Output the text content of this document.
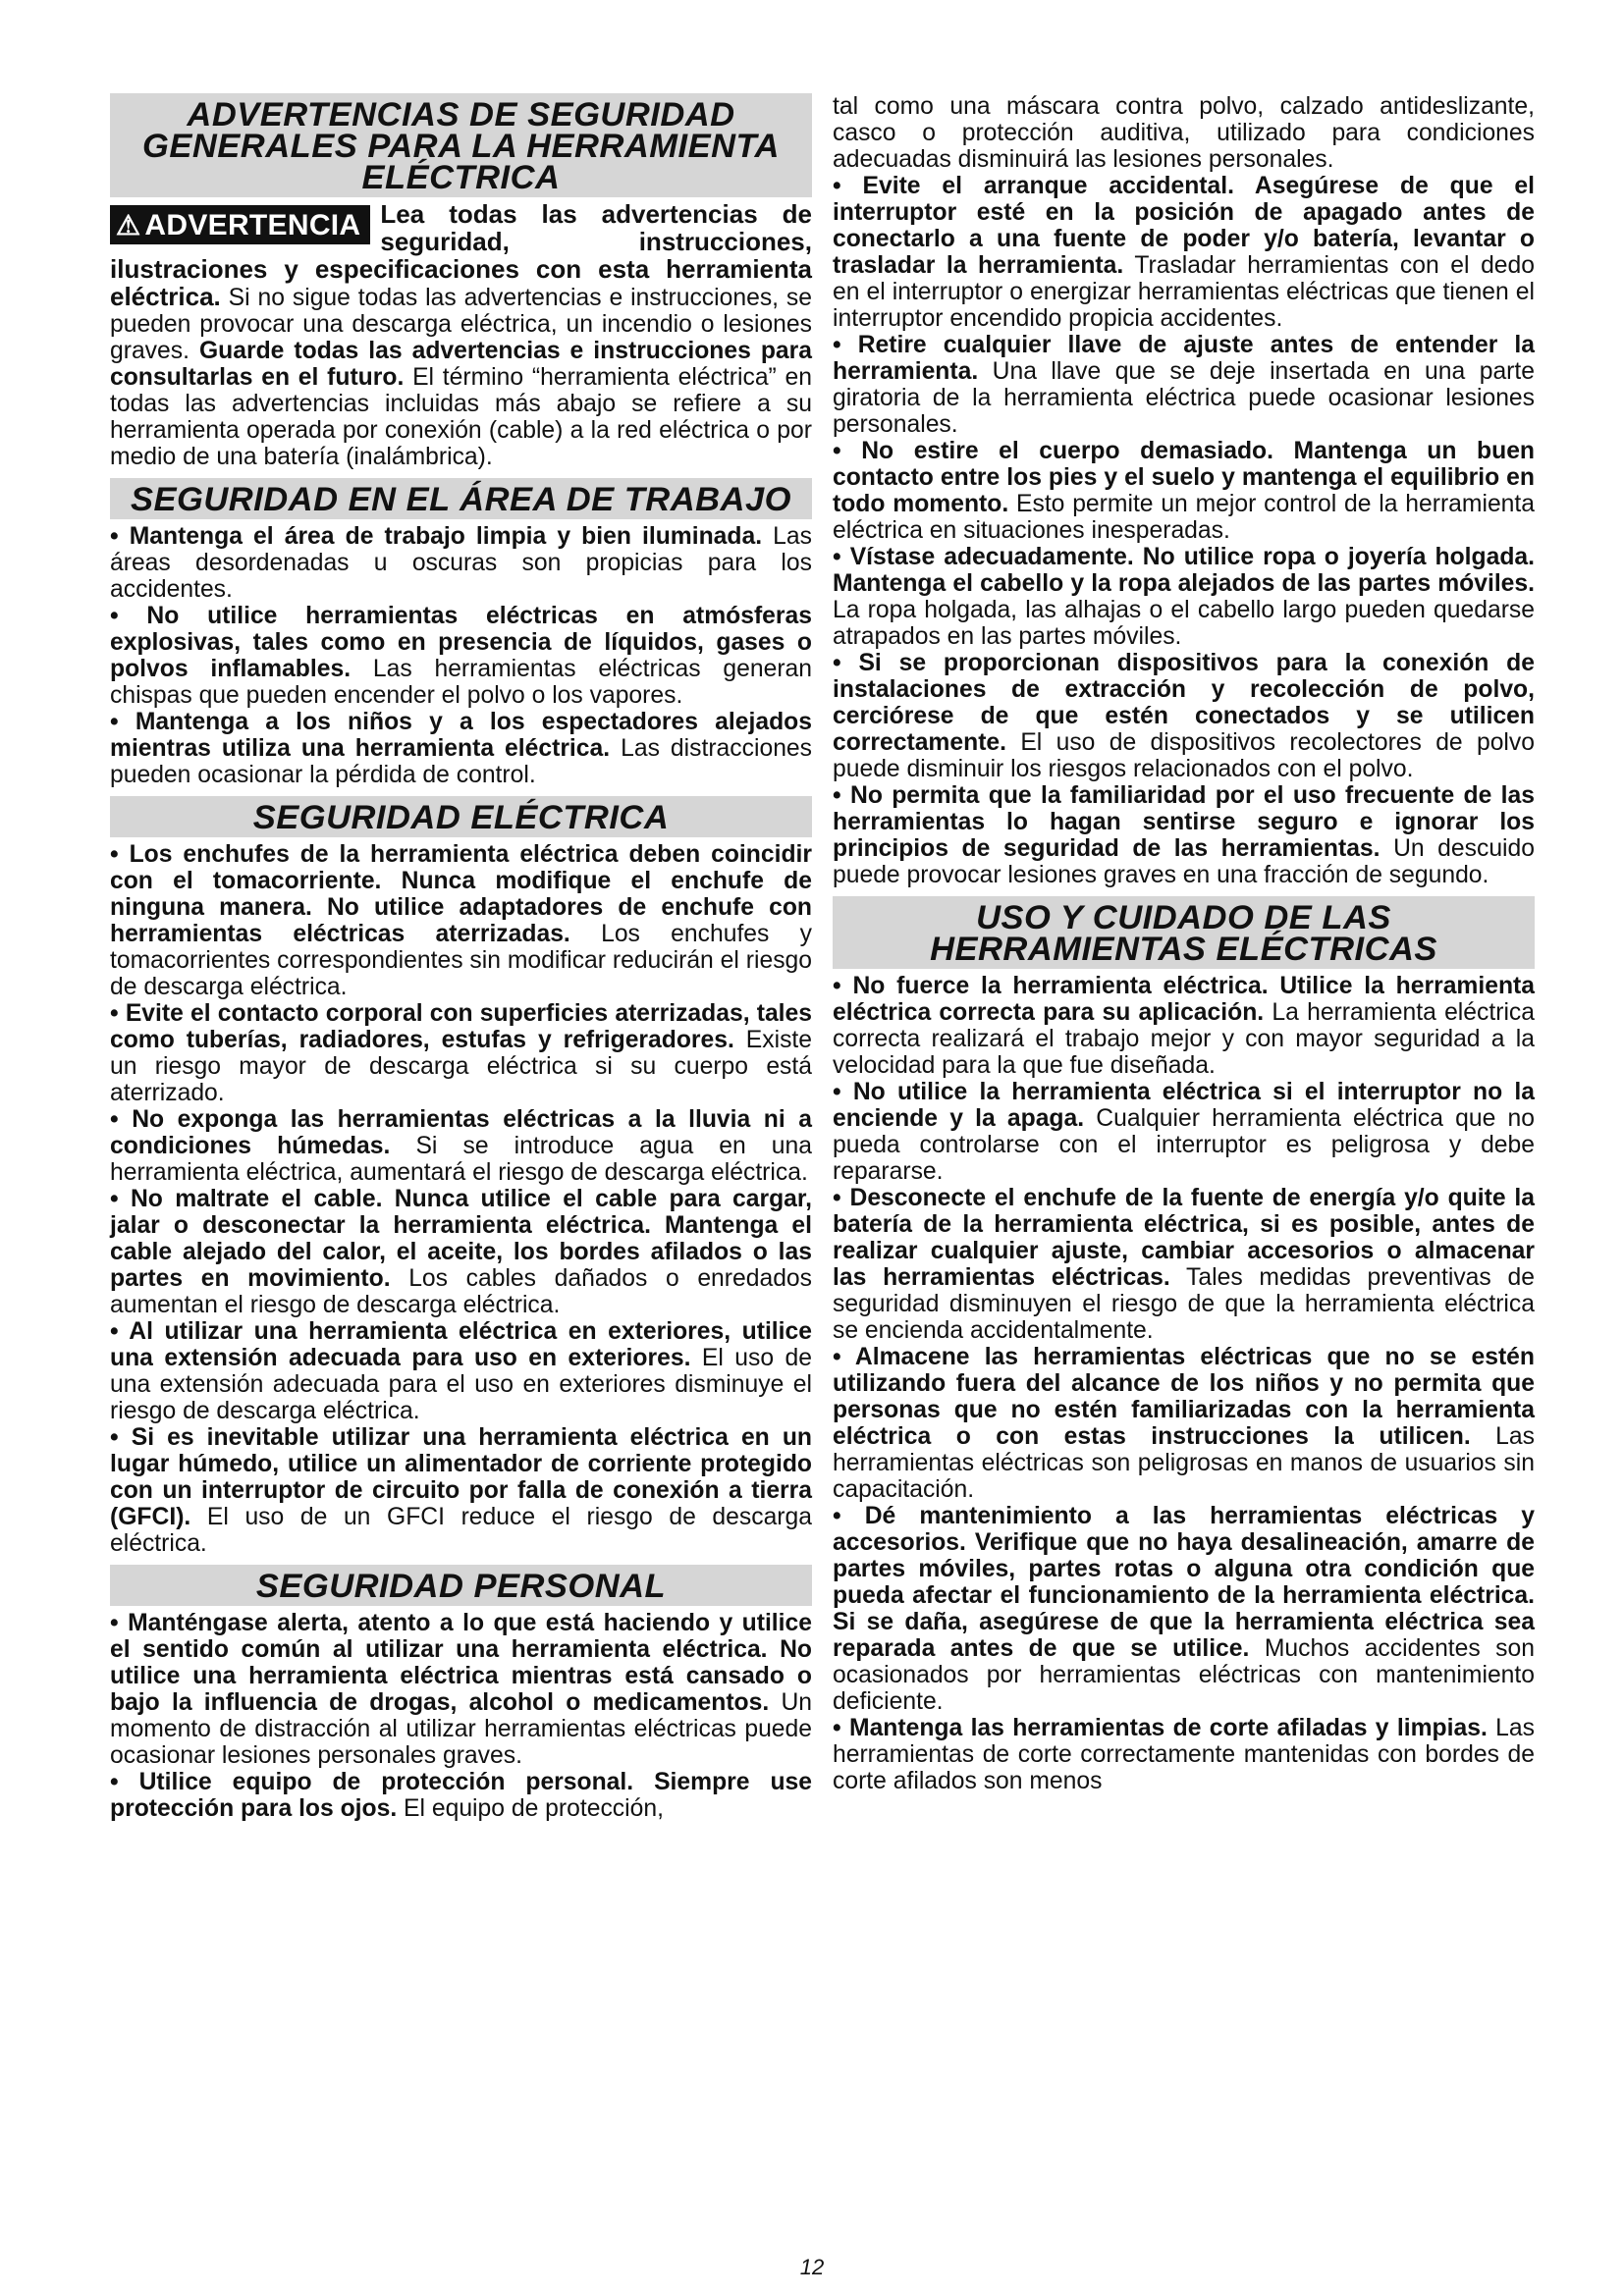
ADVERTENCIAS DE SEGURIDAD GENERALES PARA LA HERRAMIENTA ELÉCTRICA
⚠ ADVERTENCIA Lea todas las advertencias de seguridad, instrucciones, ilustraciones y especificaciones con esta herramienta eléctrica. Si no sigue todas las advertencias e instrucciones, se pueden provocar una descarga eléctrica, un incendio o lesiones graves. Guarde todas las advertencias e instrucciones para consultarlas en el futuro. El término “herramienta eléctrica” en todas las advertencias incluidas más abajo se refiere a su herramienta operada por conexión (cable) a la red eléctrica o por medio de una batería (inalámbrica).
SEGURIDAD EN EL ÁREA DE TRABAJO

• Mantenga el área de trabajo limpia y bien iluminada. Las áreas desordenadas u oscuras son propicias para los accidentes.

• No utilice herramientas eléctricas en atmósferas explosivas, tales como en presencia de líquidos, gases o polvos inflamables. Las herramientas eléctricas generan chispas que pueden encender el polvo o los vapores.

• Mantenga a los niños y a los espectadores alejados mientras utiliza una herramienta eléctrica. Las distracciones pueden ocasionar la pérdida de control.

SEGURIDAD ELÉCTRICA

• Los enchufes de la herramienta eléctrica deben coincidir con el tomacorriente. Nunca modifique el enchufe de ninguna manera. No utilice adaptadores de enchufe con herramientas eléctricas aterrizadas. Los enchufes y tomacorrientes correspondientes sin modificar reducirán el riesgo de descarga eléctrica.

• Evite el contacto corporal con superficies aterrizadas, tales como tuberías, radiadores, estufas y refrigeradores. Existe un riesgo mayor de descarga eléctrica si su cuerpo está aterrizado.

• No exponga las herramientas eléctricas a la lluvia ni a condiciones húmedas. Si se introduce agua en una herramienta eléctrica, aumentará el riesgo de descarga eléctrica.

• No maltrate el cable. Nunca utilice el cable para cargar, jalar o desconectar la herramienta eléctrica. Mantenga el cable alejado del calor, el aceite, los bordes afilados o las partes en movimiento. Los cables dañados o enredados aumentan el riesgo de descarga eléctrica.

• Al utilizar una herramienta eléctrica en exteriores, utilice una extensión adecuada para uso en exteriores. El uso de una extensión adecuada para el uso en exteriores disminuye el riesgo de descarga eléctrica.

• Si es inevitable utilizar una herramienta eléctrica en un lugar húmedo, utilice un alimentador de corriente protegido con un interruptor de circuito por falla de conexión a tierra (GFCI). El uso de un GFCI reduce el riesgo de descarga eléctrica.

SEGURIDAD PERSONAL

• Manténgase alerta, atento a lo que está haciendo y utilice el sentido común al utilizar una herramienta eléctrica. No utilice una herramienta eléctrica mientras está cansado o bajo la influencia de drogas, alcohol o medicamentos. Un momento de distracción al utilizar herramientas eléctricas puede ocasionar lesiones personales graves.

• Utilice equipo de protección personal. Siempre use protección para los ojos. El equipo de protección,

tal como una máscara contra polvo, calzado antideslizante, casco o protección auditiva, utilizado para condiciones adecuadas disminuirá las lesiones personales.

• Evite el arranque accidental. Asegúrese de que el interruptor esté en la posición de apagado antes de conectarlo a una fuente de poder y/o batería, levantar o trasladar la herramienta. Trasladar herramientas con el dedo en el interruptor o energizar herramientas eléctricas que tienen el interruptor encendido propicia accidentes.

• Retire cualquier llave de ajuste antes de entender la herramienta. Una llave que se deje insertada en una parte giratoria de la herramienta eléctrica puede ocasionar lesiones personales.

• No estire el cuerpo demasiado. Mantenga un buen contacto entre los pies y el suelo y mantenga el equilibrio en todo momento. Esto permite un mejor control de la herramienta eléctrica en situaciones inesperadas.

• Vístase adecuadamente. No utilice ropa o joyería holgada. Mantenga el cabello y la ropa alejados de las partes móviles. La ropa holgada, las alhajas o el cabello largo pueden quedarse atrapados en las partes móviles.

• Si se proporcionan dispositivos para la conexión de instalaciones de extracción y recolección de polvo, cerciórese de que estén conectados y se utilicen correctamente. El uso de dispositivos recolectores de polvo puede disminuir los riesgos relacionados con el polvo.

• No permita que la familiaridad por el uso frecuente de las herramientas lo hagan sentirse seguro e ignorar los principios de seguridad de las herramientas. Un descuido puede provocar lesiones graves en una fracción de segundo.

USO Y CUIDADO DE LAS HERRAMIENTAS ELÉCTRICAS

• No fuerce la herramienta eléctrica. Utilice la herramienta eléctrica correcta para su aplicación. La herramienta eléctrica correcta realizará el trabajo mejor y con mayor seguridad a la velocidad para la que fue diseñada.

• No utilice la herramienta eléctrica si el interruptor no la enciende y la apaga. Cualquier herramienta eléctrica que no pueda controlarse con el interruptor es peligrosa y debe repararse.

• Desconecte el enchufe de la fuente de energía y/o quite la batería de la herramienta eléctrica, si es posible, antes de realizar cualquier ajuste, cambiar accesorios o almacenar las herramientas eléctricas. Tales medidas preventivas de seguridad disminuyen el riesgo de que la herramienta eléctrica se encienda accidentalmente.

• Almacene las herramientas eléctricas que no se estén utilizando fuera del alcance de los niños y no permita que personas que no estén familiarizadas con la herramienta eléctrica o con estas instrucciones la utilicen. Las herramientas eléctricas son peligrosas en manos de usuarios sin capacitación.

• Dé mantenimiento a las herramientas eléctricas y accesorios. Verifique que no haya desalineación, amarre de partes móviles, partes rotas o alguna otra condición que pueda afectar el funcionamiento de la herramienta eléctrica. Si se daña, asegúrese de que la herramienta eléctrica sea reparada antes de que se utilice. Muchos accidentes son ocasionados por herramientas eléctricas con mantenimiento deficiente.

• Mantenga las herramientas de corte afiladas y limpias. Las herramientas de corte correctamente mantenidas con bordes de corte afilados son menos

12
